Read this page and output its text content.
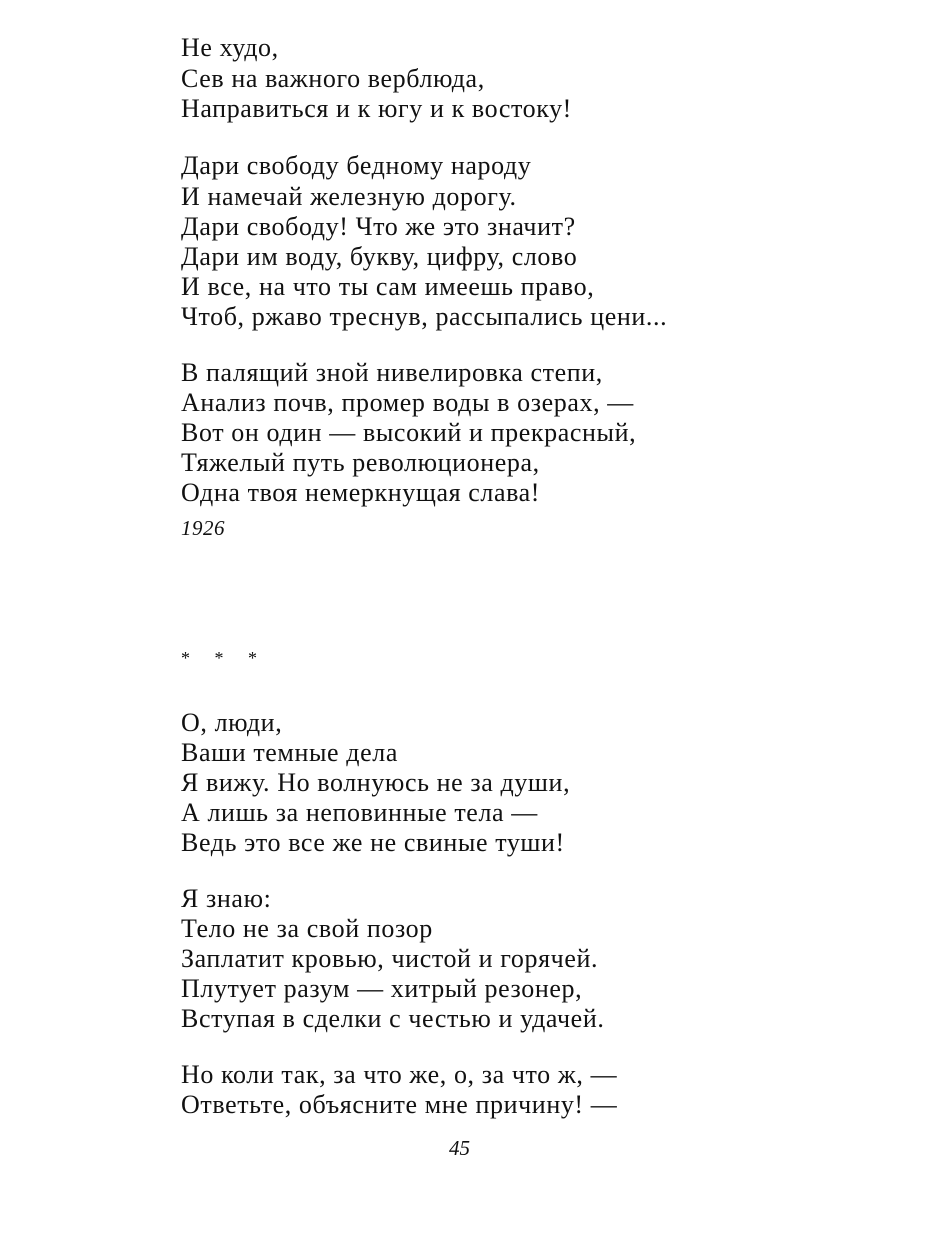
Не худо,
Сев на важного верблюда,
Направиться и к югу и к востоку!
Дари свободу бедному народу
И намечай железную дорогу.
Дари свободу! Что же это значит?
Дари им воду, букву, цифру, слово
И все, на что ты сам имеешь право,
Чтоб, ржаво треснув, рассыпались цени...
В палящий зной нивелировка степи,
Анализ почв, промер воды в озерах, —
Вот он один — высокий и прекрасный,
Тяжелый путь революционера,
Одна твоя немеркнущая слава!
1926
* * *
О, люди,
Ваши темные дела
Я вижу. Но волнуюсь не за души,
А лишь за неповинные тела —
Ведь это все же не свиные туши!
Я знаю:
Тело не за свой позор
Заплатит кровью, чистой и горячей.
Плутует разум — хитрый резонер,
Вступая в сделки с честью и удачей.
Но коли так, за что же, о, за что ж, —
Ответьте, объясните мне причину! —
45
